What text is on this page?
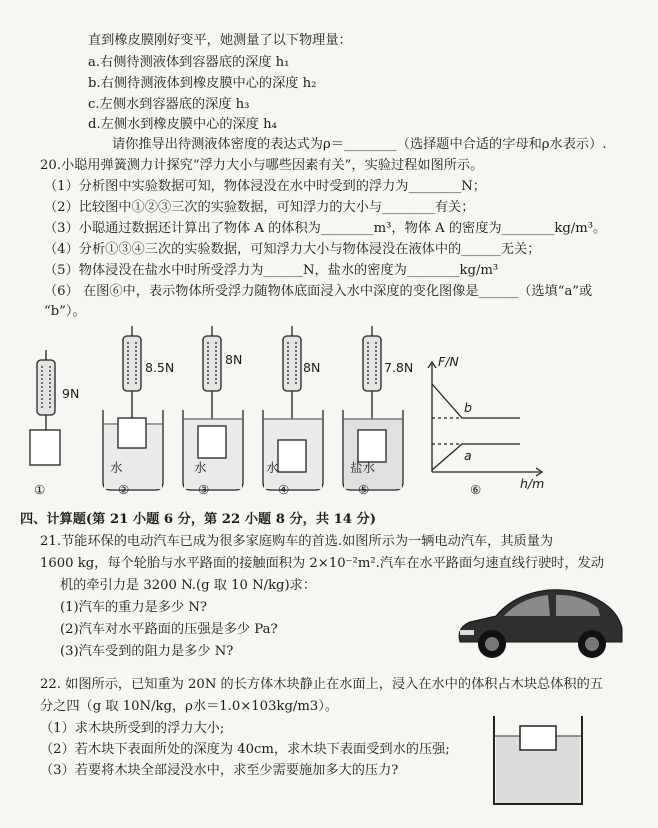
直到橡皮膜刚好变平，她测量了以下物理量：
a.右侧待测液体到容器底的深度 h₁
b.右侧待测液体到橡皮膜中心的深度 h₂
c.左侧水到容器底的深度 h₃
d.左侧水到橡皮膜中心的深度 h₄
请你推导出待测液体密度的表达式为ρ＝________（选择题中合适的字母和ρ水表示）.
20.小聪用弹簧测力计探究“浮力大小与哪些因素有关”，实验过程如图所示。
（1）分析图中实验数据可知，物体浸没在水中时受到的浮力为________N；
（2）比较图中①②③三次的实验数据，可知浮力的大小与________有关；
（3）小聪通过数据还计算出了物体 A 的体积为________m³，物体 A 的密度为________kg/m³。
（4）分析①③④三次的实验数据，可知浮力大小与物体浸没在液体中的______无关；
（5）物体浸没在盐水中时所受浮力为______N，盐水的密度为________kg/m³
（6） 在图⑥中，表示物体所受浮力随物体底面浸入水中深度的变化图像是______（选填“a”或
“b”）。
9N
8.5N
8N
8N	7.8N
水	水	水	盐水
①	②	③	④	⑤	⑥
F/N
h/m
b
a
四、计算题(第 21 小题 6 分，第 22 小题 8 分，共 14 分)
21.节能环保的电动汽车已成为很多家庭购车的首选.如图所示为一辆电动汽车，其质量为
1600 kg，每个轮胎与水平路面的接触面积为 2×10⁻²m².汽车在水平路面匀速直线行驶时，发动
机的牵引力是 3200 N.(g 取 10 N/kg)求：
(1)汽车的重力是多少 N?
(2)汽车对水平路面的压强是多少 Pa?
(3)汽车受到的阻力是多少 N?
22. 如图所示，已知重为 20N 的长方体木块静止在水面上，浸入在水中的体积占木块总体积的五
分之四（g 取 10N/kg，ρ水＝1.0×103kg/m3）。
（1）求木块所受到的浮力大小;
（2）若木块下表面所处的深度为 40cm，求木块下表面受到水的压强;
（3）若要将木块全部浸没水中，求至少需要施加多大的压力?
